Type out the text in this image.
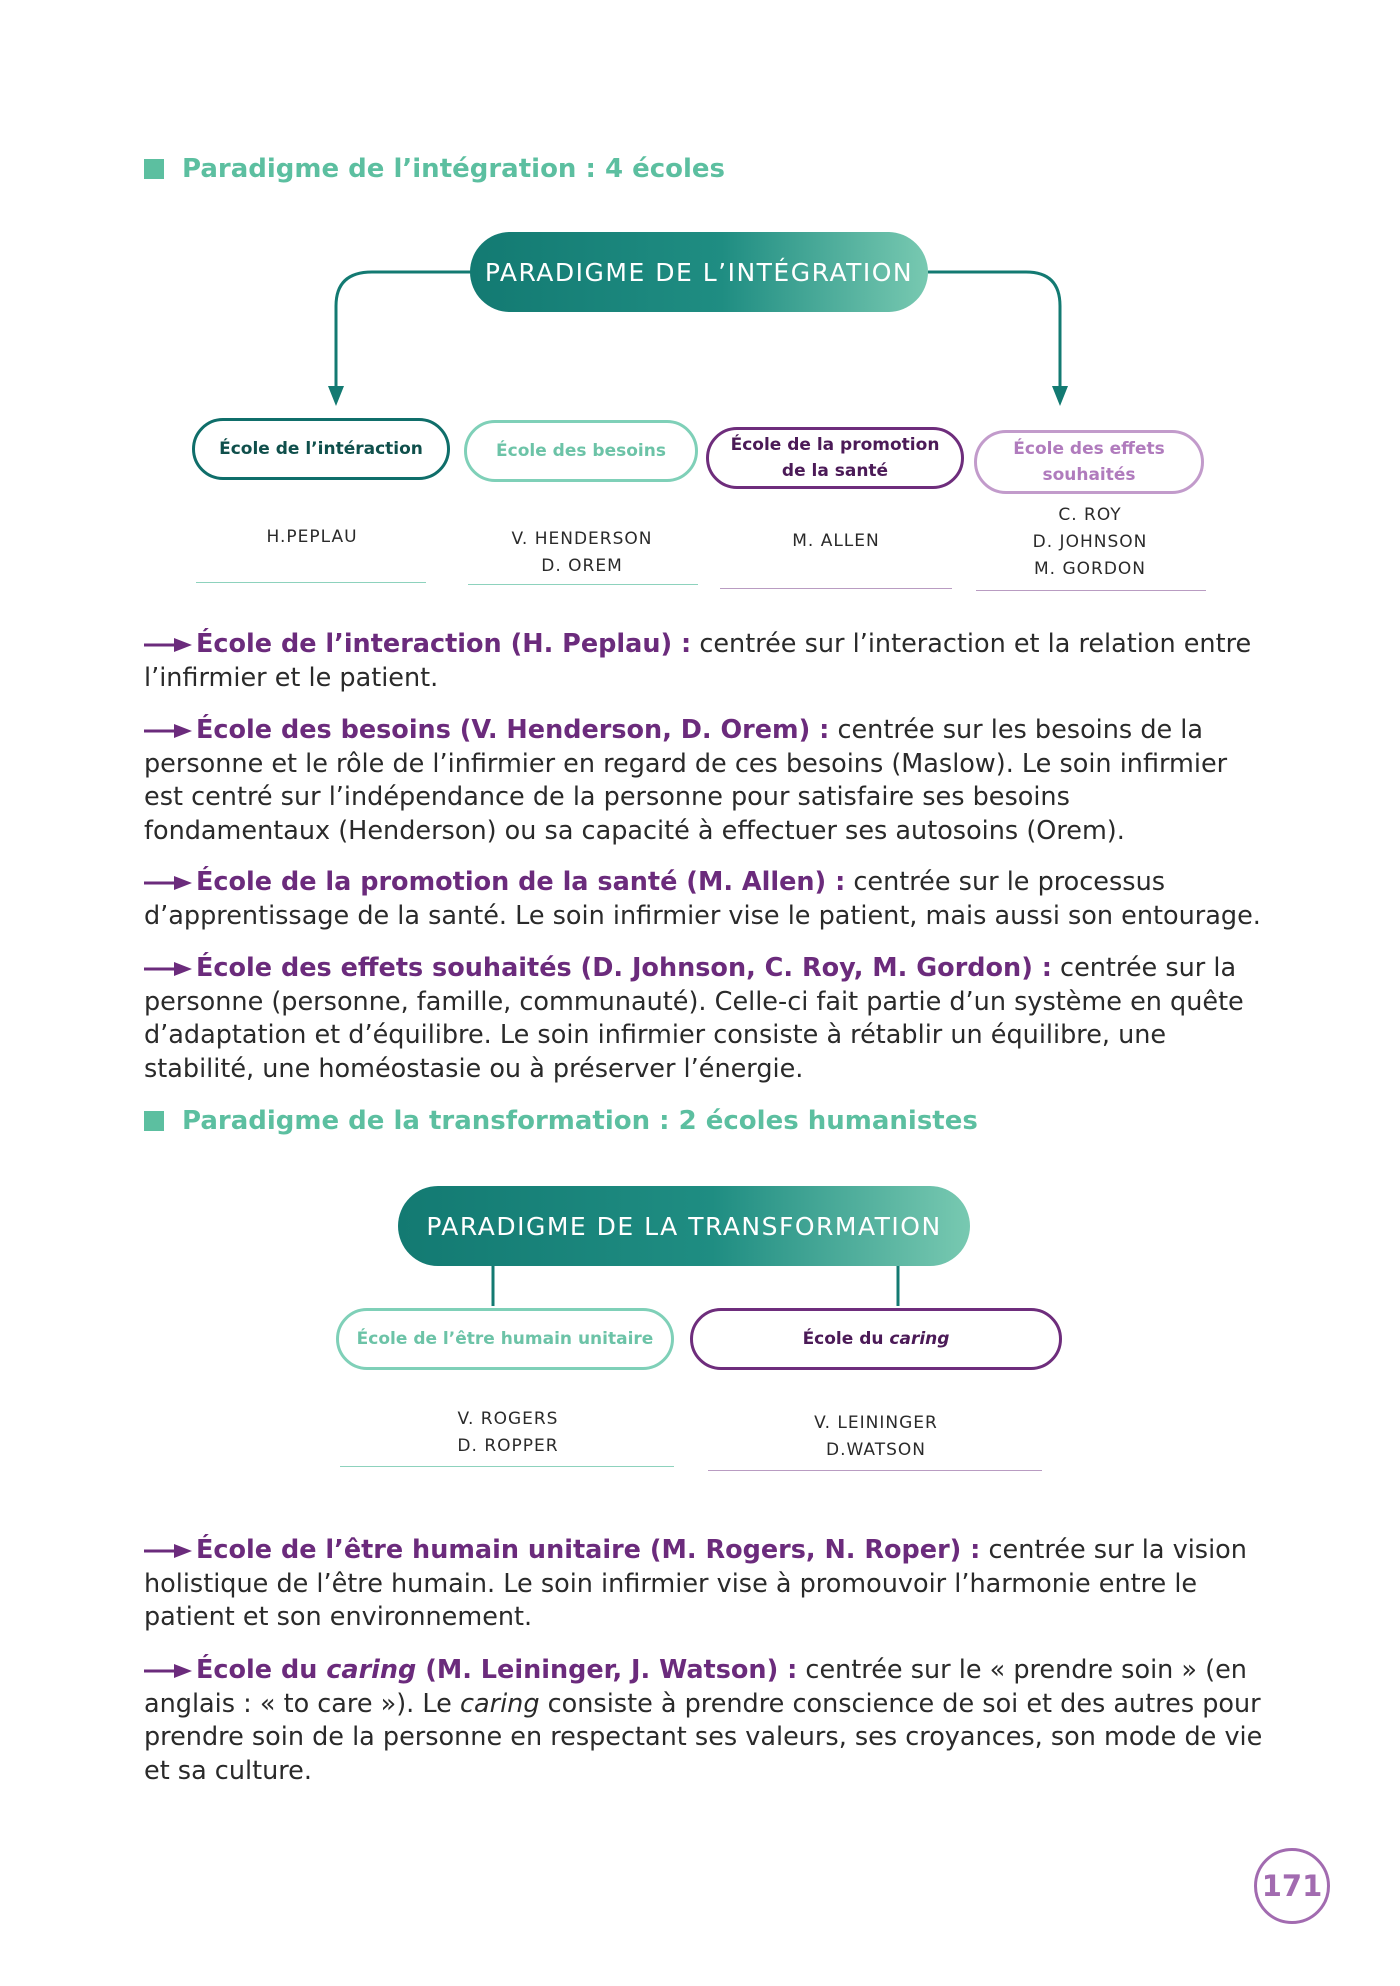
Paradigme de l’intégration : 4 écoles
PARADIGME DE L’INTÉGRATION
École de l’intéraction	École des besoins	École de la promotion
de la santé
École des effets
souhaités
H.PEPLAU	V. HENDERSON
D. OREM
M. ALLEN
C. ROY
D. JOHNSON
M. GORDON
École de l’interaction (H. Peplau) : centrée sur l’interaction et la relation entre l’infirmier et le patient.
École des besoins (V. Henderson, D. Orem) : centrée sur les besoins de la personne et le rôle de l’infirmier en regard de ces besoins (Maslow). Le soin infirmier est centré sur l’indépendance de la personne pour satisfaire ses besoins fondamentaux (Henderson) ou sa capacité à effectuer ses autosoins (Orem).
École de la promotion de la santé (M. Allen) : centrée sur le processus d’apprentissage de la santé. Le soin infirmier vise le patient, mais aussi son entourage.
École des effets souhaités (D. Johnson, C. Roy, M. Gordon) : centrée sur la personne (personne, famille, communauté). Celle-ci fait partie d’un système en quête d’adaptation et d’équilibre. Le soin infirmier consiste à rétablir un équilibre, une stabilité, une homéostasie ou à préserver l’énergie.
Paradigme de la transformation : 2 écoles humanistes
PARADIGME DE LA TRANSFORMATION
École de l’être humain unitaire	École du caring
V. ROGERS
D. ROPPER
V. LEININGER
D.WATSON
École de l’être humain unitaire (M. Rogers, N. Roper) : centrée sur la vision holistique de l’être humain. Le soin infirmier vise à promouvoir l’harmonie entre le patient et son environnement.
École du caring (M. Leininger, J. Watson) : centrée sur le « prendre soin » (en anglais : « to care »). Le caring consiste à prendre conscience de soi et des autres pour prendre soin de la personne en respectant ses valeurs, ses croyances, son mode de vie et sa culture.
171
